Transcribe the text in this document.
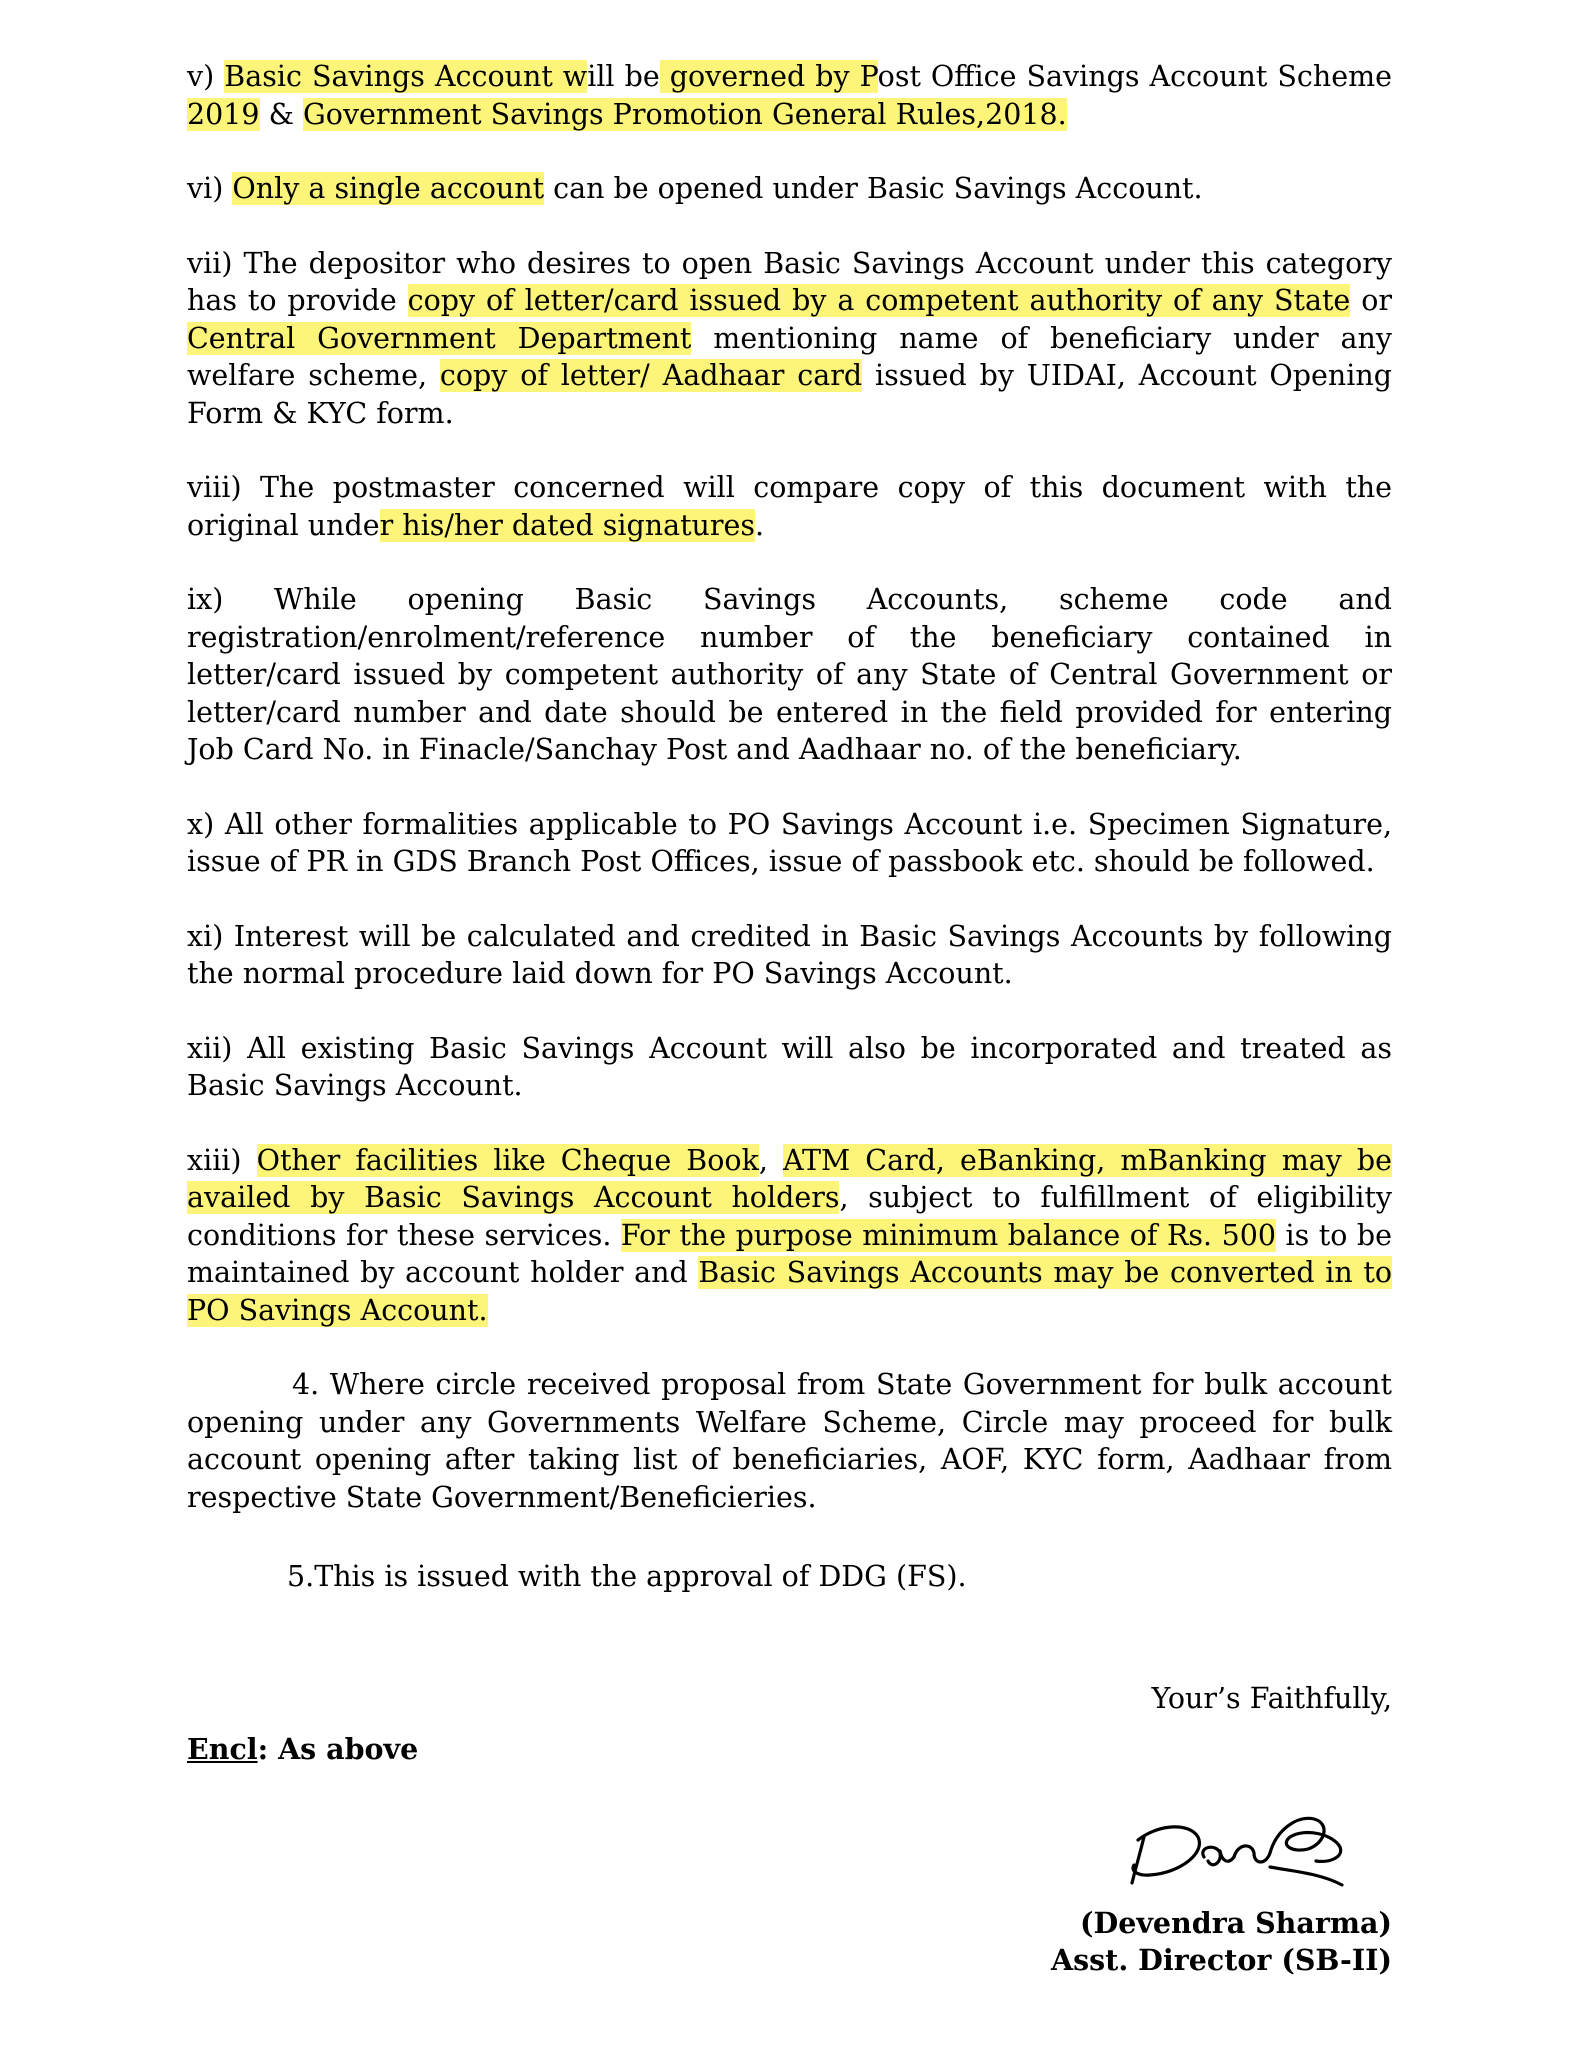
v) Basic Savings Account will be governed by Post Office Savings Account Scheme 2019 & Government Savings Promotion General Rules,2018.

vi) Only a single account can be opened under Basic Savings Account.

vii) The depositor who desires to open Basic Savings Account under this category has to provide copy of letter/card issued by a competent authority of any State or Central Government Department mentioning name of beneficiary under any welfare scheme, copy of letter/ Aadhaar card issued by UIDAI, Account Opening Form & KYC form.

viii) The postmaster concerned will compare copy of this document with the original under his/her dated signatures.

ix) While opening Basic Savings Accounts, scheme code and registration/enrolment/reference number of the beneficiary contained in letter/card issued by competent authority of any State of Central Government or letter/card number and date should be entered in the field provided for entering Job Card No. in Finacle/Sanchay Post and Aadhaar no. of the beneficiary.

x) All other formalities applicable to PO Savings Account i.e. Specimen Signature, issue of PR in GDS Branch Post Offices, issue of passbook etc. should be followed.

xi) Interest will be calculated and credited in Basic Savings Accounts by following the normal procedure laid down for PO Savings Account.

xii) All existing Basic Savings Account will also be incorporated and treated as Basic Savings Account.

xiii) Other facilities like Cheque Book, ATM Card, eBanking, mBanking may be availed by Basic Savings Account holders, subject to fulfillment of eligibility conditions for these services. For the purpose minimum balance of Rs. 500 is to be maintained by account holder and Basic Savings Accounts may be converted in to PO Savings Account.

4. Where circle received proposal from State Government for bulk account opening under any Governments Welfare Scheme, Circle may proceed for bulk account opening after taking list of beneficiaries, AOF, KYC form, Aadhaar from respective State Government/Beneficieries.

5.This is issued with the approval of DDG (FS).

Your’s Faithfully,
Encl: As above
(Devendra Sharma)
Asst. Director (SB-II)
